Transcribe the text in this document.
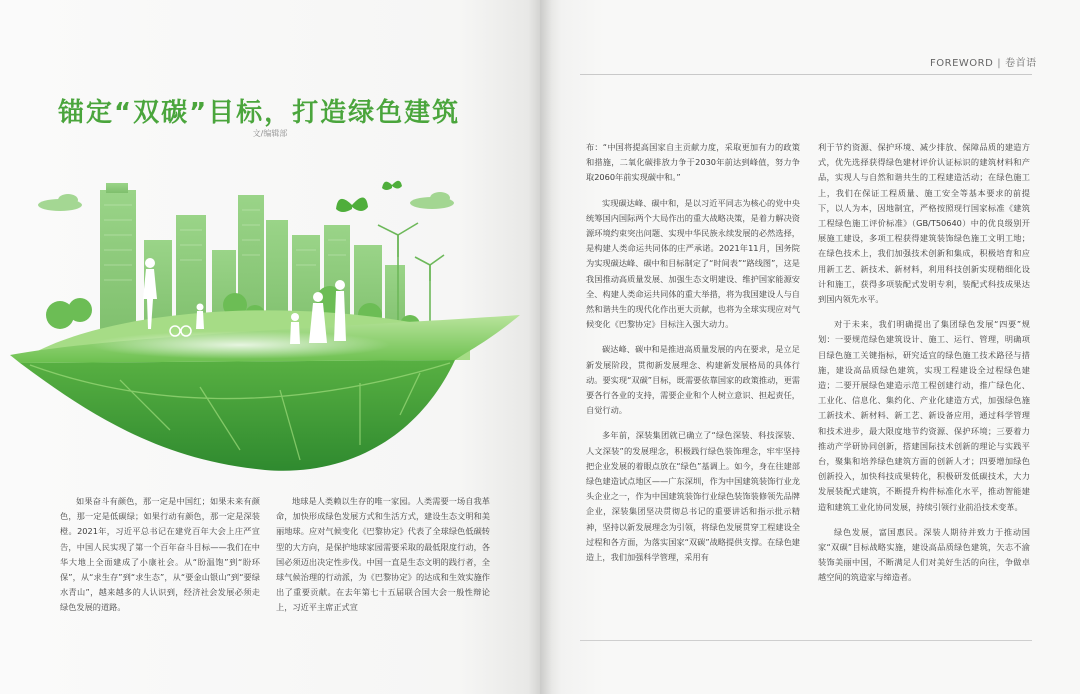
锚定“双碳”目标，打造绿色建筑
文/编辑部

如果奋斗有颜色，那一定是中国红；如果未来有颜色，那一定是低碳绿；如果行动有颜色，那一定是深装橙。2021年，习近平总书记在建党百年大会上庄严宣告，中国人民实现了第一个百年奋斗目标——我们在中华大地上全面建成了小康社会。从“盼温饱”到“盼环保”，从“求生存”到“求生态”，从“要金山银山”到“要绿水青山”，越来越多的人认识到，经济社会发展必须走绿色发展的道路。

地球是人类赖以生存的唯一家园。人类需要一场自我革命，加快形成绿色发展方式和生活方式，建设生态文明和美丽地球。应对气候变化《巴黎协定》代表了全球绿色低碳转型的大方向，是保护地球家园需要采取的最低限度行动，各国必须迈出决定性步伐。中国一直是生态文明的践行者，全球气候治理的行动派，为《巴黎协定》的达成和生效实施作出了重要贡献。在去年第七十五届联合国大会一般性辩论上，习近平主席正式宣

FOREWORD | 卷首语

布：“中国将提高国家自主贡献力度，采取更加有力的政策和措施，二氧化碳排放力争于2030年前达到峰值，努力争取2060年前实现碳中和。”

实现碳达峰、碳中和，是以习近平同志为核心的党中央统筹国内国际两个大局作出的重大战略决策，是着力解决资源环境约束突出问题、实现中华民族永续发展的必然选择，是构建人类命运共同体的庄严承诺。2021年11月，国务院为实现碳达峰、碳中和目标制定了“时间表”“路线图”，这是我国推动高质量发展、加强生态文明建设、维护国家能源安全、构建人类命运共同体的重大举措，将为我国建设人与自然和谐共生的现代化作出更大贡献，也将为全球实现应对气候变化《巴黎协定》目标注入强大动力。

碳达峰、碳中和是推进高质量发展的内在要求，是立足新发展阶段，贯彻新发展理念、构建新发展格局的具体行动。要实现“双碳”目标，既需要依靠国家的政策推动，更需要各行各业的支持，需要企业和个人树立意识、担起责任，自觉行动。

多年前，深装集团就已确立了“绿色深装、科技深装、人文深装”的发展理念，积极践行绿色装饰理念，牢牢坚持把企业发展的着眼点放在“绿色”基调上。如今，身在往建部绿色建造试点地区——广东深圳，作为中国建筑装饰行业龙头企业之一，作为中国建筑装饰行业绿色装饰装修领先品牌企业，深装集团坚决贯彻总书记的重要讲话和指示批示精神，坚持以新发展理念为引领，将绿色发展贯穿工程建设全过程和各方面，为落实国家“双碳”战略提供支撑。在绿色建造上，我们加强科学管理，采用有

利于节约资源、保护环境、减少排放、保障品质的建造方式，优先选择获得绿色建材评价认证标识的建筑材料和产品，实现人与自然和谐共生的工程建造活动；在绿色施工上，我们在保证工程质量、施工安全等基本要求的前提下，以人为本，因地制宜，严格按照现行国家标准《建筑工程绿色施工评价标准》（GB/T50640）中的优良级别开展施工建设，多项工程获得建筑装饰绿色施工文明工地；在绿色技术上，我们加强技术创新和集成，积极培育和应用新工艺、新技术、新材料，利用科技创新实现精细化设计和施工，获得多项装配式发明专利，装配式科技成果达到国内领先水平。

对于未来，我们明确提出了集团绿色发展“四要”规划：一要规范绿色建筑设计、施工、运行、管理，明确项目绿色施工关键指标，研究适宜的绿色施工技术路径与措施，建设高品质绿色建筑，实现工程建设全过程绿色建造；二要开展绿色建造示范工程创建行动，推广绿色化、工业化、信息化、集约化、产业化建造方式，加强绿色施工新技术、新材料、新工艺、新设备应用，通过科学管理和技术进步，最大限度地节约资源、保护环境；三要着力推动产学研协同创新，搭建国际技术创新的理论与实践平台，聚集和培养绿色建筑方面的创新人才；四要增加绿色创新投入，加快科技成果转化，积极研发低碳技术，大力发展装配式建筑，不断提升构件标准化水平，推动智能建造和建筑工业化协同发展，持续引领行业前沿技术变革。

绿色发展，富国惠民。深装人期待并致力于推动国家“双碳”目标战略实施，建设高品质绿色建筑，矢志不渝装饰美丽中国，不断满足人们对美好生活的向往，争做卓越空间的筑造家与缔造者。
